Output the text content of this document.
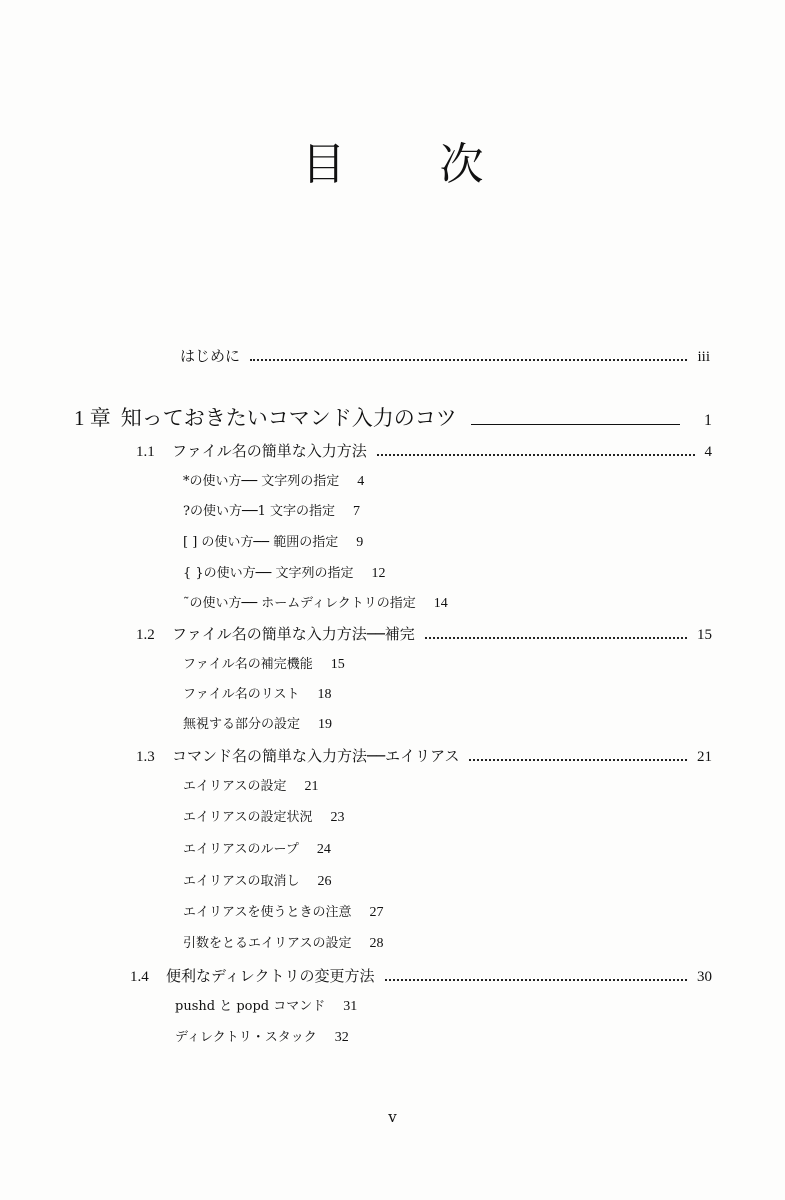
目 次
はじめに	iii
1 章 知っておきたいコマンド入力のコツ	1
1.1	ファイル名の簡単な入力方法	4
*の使い方── 文字列の指定 4
?の使い方──1 文字の指定 7
[ ] の使い方── 範囲の指定 9
{ }の使い方── 文字列の指定 12
˜の使い方── ホームディレクトリの指定 14
1.2	ファイル名の簡単な入力方法──補完	15
ファイル名の補完機能 15
ファイル名のリスト 18
無視する部分の設定 19
1.3	コマンド名の簡単な入力方法──エイリアス	21
エイリアスの設定 21
エイリアスの設定状況 23
エイリアスのループ 24
エイリアスの取消し 26
エイリアスを使うときの注意 27
引数をとるエイリアスの設定 28
1.4	便利なディレクトリの変更方法	30
pushd と popd コマンド 31
ディレクトリ・スタック 32
v
